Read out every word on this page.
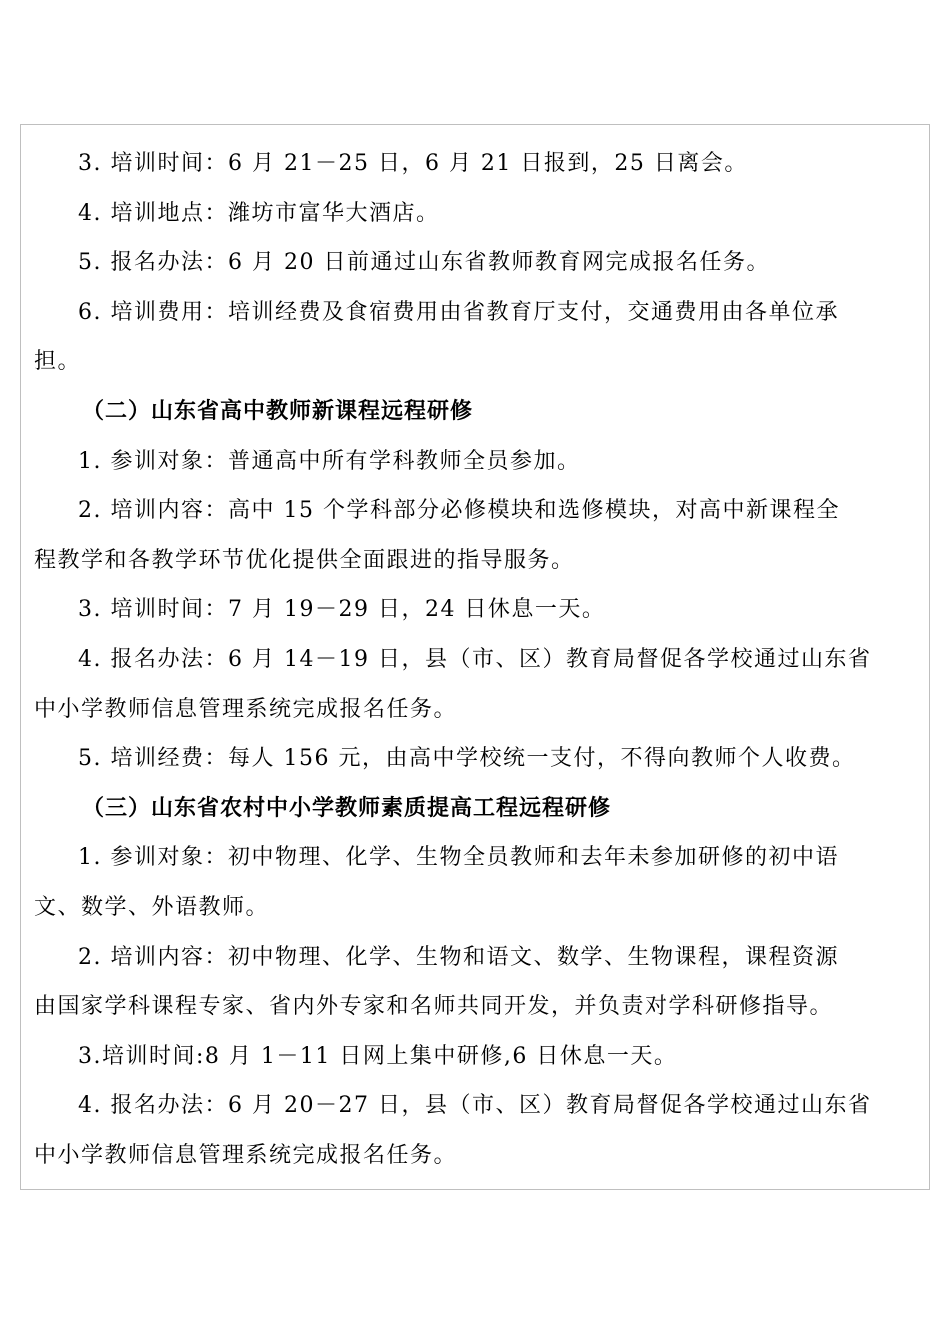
3. 培训时间：6 月 21－25 日，6 月 21 日报到，25 日离会。

4. 培训地点：潍坊市富华大酒店。

5. 报名办法：6 月 20 日前通过山东省教师教育网完成报名任务。

6. 培训费用：培训经费及食宿费用由省教育厅支付，交通费用由各单位承

担。

（二）山东省高中教师新课程远程研修

1. 参训对象：普通高中所有学科教师全员参加。

2. 培训内容：高中 15 个学科部分必修模块和选修模块，对高中新课程全

程教学和各教学环节优化提供全面跟进的指导服务。

3. 培训时间：7 月 19－29 日，24 日休息一天。

4. 报名办法：6 月 14－19 日，县（市、区）教育局督促各学校通过山东省

中小学教师信息管理系统完成报名任务。

5. 培训经费：每人 156 元，由高中学校统一支付，不得向教师个人收费。

（三）山东省农村中小学教师素质提高工程远程研修

1. 参训对象：初中物理、化学、生物全员教师和去年未参加研修的初中语

文、数学、外语教师。

2. 培训内容：初中物理、化学、生物和语文、数学、生物课程，课程资源

由国家学科课程专家、省内外专家和名师共同开发，并负责对学科研修指导。

3.培训时间:8 月 1－11 日网上集中研修,6 日休息一天。

4. 报名办法：6 月 20－27 日，县（市、区）教育局督促各学校通过山东省

中小学教师信息管理系统完成报名任务。
